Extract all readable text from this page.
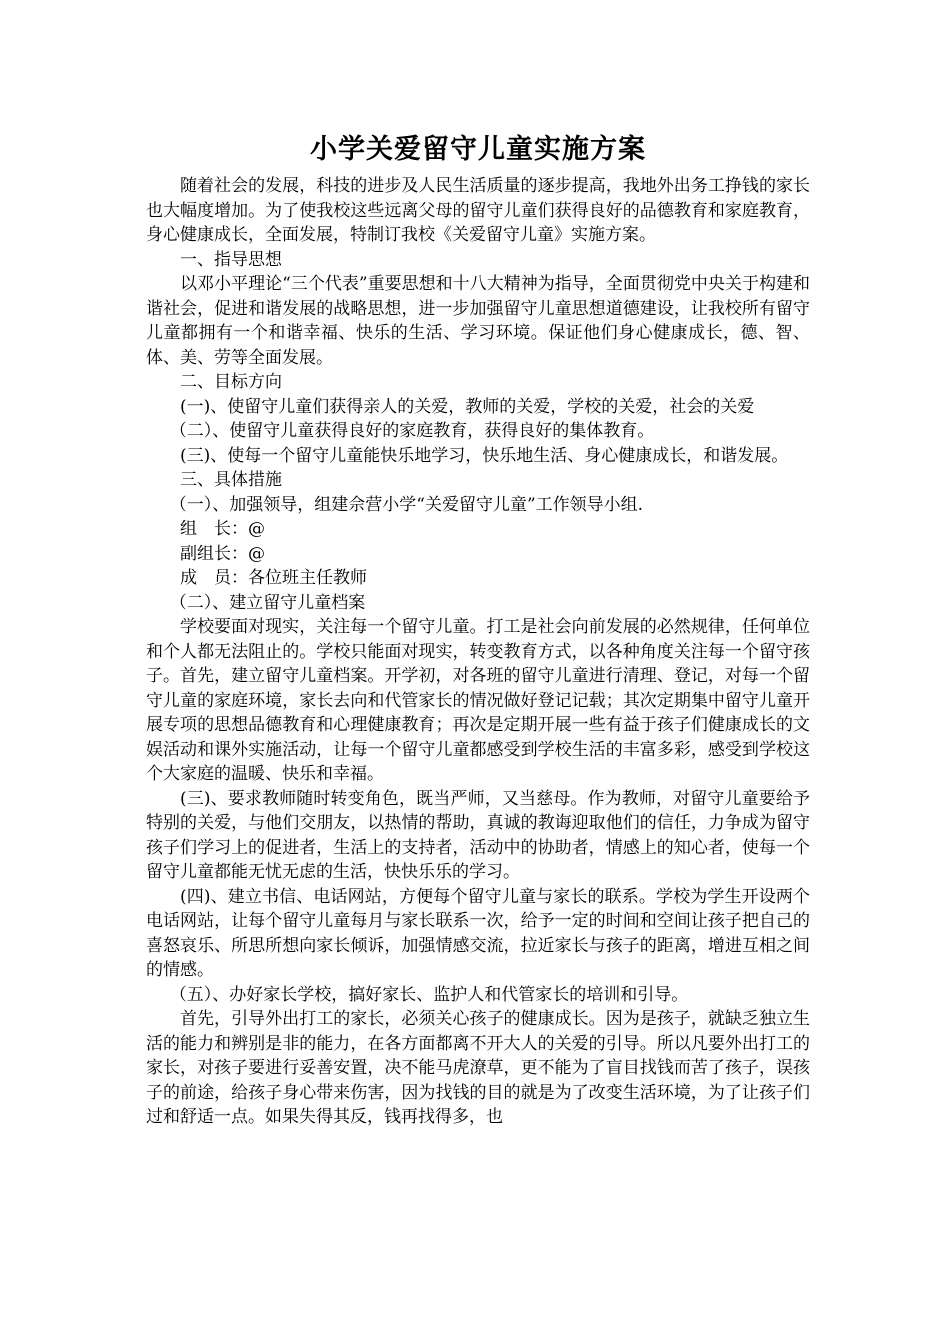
小学关爱留守儿童实施方案

随着社会的发展，科技的进步及人民生活质量的逐步提高，我地外出务工挣钱的家长也大幅度增加。为了使我校这些远离父母的留守儿童们获得良好的品德教育和家庭教育，身心健康成长，全面发展，特制订我校《关爱留守儿童》实施方案。

一、指导思想

以邓小平理论“三个代表”重要思想和十八大精神为指导，全面贯彻党中央关于构建和谐社会，促进和谐发展的战略思想，进一步加强留守儿童思想道德建设，让我校所有留守儿童都拥有一个和谐幸福、快乐的生活、学习环境。保证他们身心健康成长，德、智、体、美、劳等全面发展。

二、目标方向

(一)、使留守儿童们获得亲人的关爱，教师的关爱，学校的关爱，社会的关爱

（二）、使留守儿童获得良好的家庭教育，获得良好的集体教育。

(三)、使每一个留守儿童能快乐地学习，快乐地生活、身心健康成长，和谐发展。

三、具体措施

（一）、加强领导，组建佘营小学“关爱留守儿童”工作领导小组.

组　长：@

副组长：@

成　员：各位班主任教师

（二）、建立留守儿童档案

学校要面对现实，关注每一个留守儿童。打工是社会向前发展的必然规律，任何单位和个人都无法阻止的。学校只能面对现实，转变教育方式，以各种角度关注每一个留守孩子。首先，建立留守儿童档案。开学初，对各班的留守儿童进行清理、登记，对每一个留守儿童的家庭环境，家长去向和代管家长的情况做好登记记载；其次定期集中留守儿童开展专项的思想品德教育和心理健康教育；再次是定期开展一些有益于孩子们健康成长的文娱活动和课外实施活动，让每一个留守儿童都感受到学校生活的丰富多彩，感受到学校这个大家庭的温暖、快乐和幸福。

(三)、要求教师随时转变角色，既当严师，又当慈母。作为教师，对留守儿童要给予特别的关爱，与他们交朋友，以热情的帮助，真诚的教诲迎取他们的信任，力争成为留守孩子们学习上的促进者，生活上的支持者，活动中的协助者，情感上的知心者，使每一个留守儿童都能无忧无虑的生活，快快乐乐的学习。

(四)、建立书信、电话网站，方便每个留守儿童与家长的联系。学校为学生开设两个电话网站，让每个留守儿童每月与家长联系一次，给予一定的时间和空间让孩子把自己的喜怒哀乐、所思所想向家长倾诉，加强情感交流，拉近家长与孩子的距离，增进互相之间的情感。

（五）、办好家长学校，搞好家长、监护人和代管家长的培训和引导。

首先，引导外出打工的家长，必须关心孩子的健康成长。因为是孩子，就缺乏独立生活的能力和辨别是非的能力，在各方面都离不开大人的关爱的引导。所以凡要外出打工的家长，对孩子要进行妥善安置，决不能马虎潦草，更不能为了盲目找钱而苦了孩子，误孩子的前途，给孩子身心带来伤害，因为找钱的目的就是为了改变生活环境，为了让孩子们过和舒适一点。如果失得其反，钱再找得多，也
